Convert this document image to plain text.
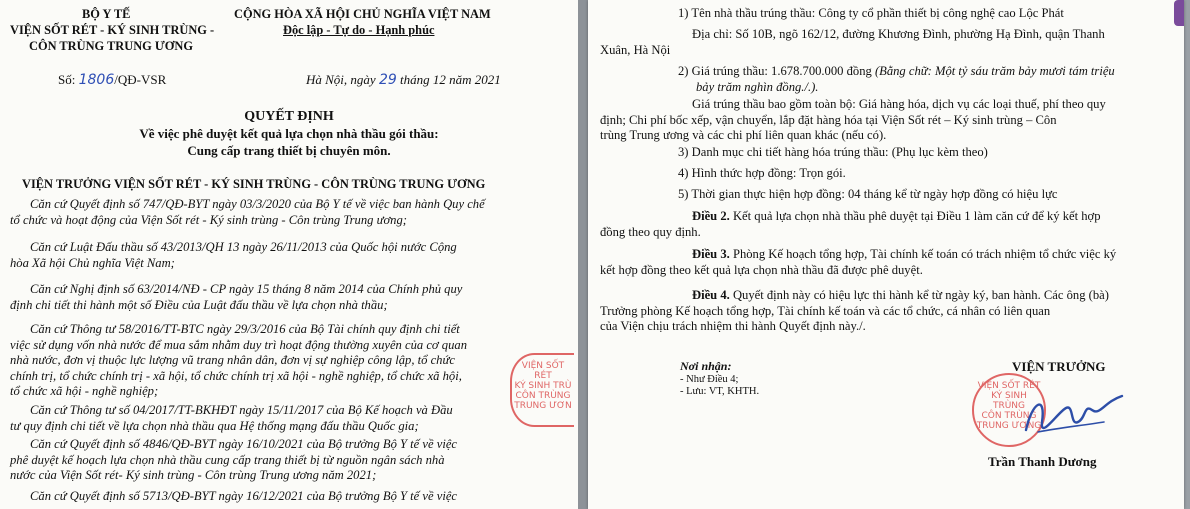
BỘ Y TẾ
VIỆN SỐT RÉT - KÝ SINH TRÙNG -
CÔN TRÙNG TRUNG ƯƠNG
CỘNG HÒA XÃ HỘI CHỦ NGHĨA VIỆT NAM
Độc lập - Tự do - Hạnh phúc
Số: 1806/QĐ-VSR	Hà Nội, ngày 29 tháng 12 năm 2021
QUYẾT ĐỊNH
Về việc phê duyệt kết quả lựa chọn nhà thầu gói thầu:
Cung cấp trang thiết bị chuyên môn.
VIỆN TRƯỞNG VIỆN SỐT RÉT - KÝ SINH TRÙNG - CÔN TRÙNG TRUNG ƯƠNG
Căn cứ Quyết định số 747/QĐ-BYT ngày 03/3/2020 của Bộ Y tế về việc ban hành Quy chế
tổ chức và hoạt động của Viện Sốt rét - Ký sinh trùng - Côn trùng Trung ương;
Căn cứ Luật Đấu thầu số 43/2013/QH 13 ngày 26/11/2013 của Quốc hội nước Cộng
hòa Xã hội Chủ nghĩa Việt Nam;
Căn cứ Nghị định số 63/2014/NĐ - CP ngày 15 tháng 8 năm 2014 của Chính phủ quy
định chi tiết thi hành một số Điều của Luật đấu thầu về lựa chọn nhà thầu;
Căn cứ Thông tư 58/2016/TT-BTC ngày 29/3/2016 của Bộ Tài chính quy định chi tiết
việc sử dụng vốn nhà nước để mua sắm nhằm duy trì hoạt động thường xuyên của cơ quan
nhà nước, đơn vị thuộc lực lượng vũ trang nhân dân, đơn vị sự nghiệp công lập, tổ chức
chính trị, tổ chức chính trị - xã hội, tổ chức chính trị xã hội - nghề nghiệp, tổ chức xã hội,
tổ chức xã hội - nghề nghiệp;
Căn cứ Thông tư số 04/2017/TT-BKHĐT ngày 15/11/2017 của Bộ Kế hoạch và Đầu
tư quy định chi tiết về lựa chọn nhà thầu qua Hệ thống mạng đấu thầu Quốc gia;
Căn cứ Quyết định số 4846/QĐ-BYT ngày 16/10/2021 của Bộ trưởng Bộ Y tế về việc
phê duyệt kế hoạch lựa chọn nhà thầu cung cấp trang thiết bị từ nguồn ngân sách nhà
nước của Viện Sốt rét- Ký sinh trùng - Côn trùng Trung ương năm 2021;
Căn cứ Quyết định số 5713/QĐ-BYT ngày 16/12/2021 của Bộ trưởng Bộ Y tế về việc
VIỆN SỐT RÉT
KÝ SINH TRÙ
CÔN TRÙNG
TRUNG ƯƠN
1) Tên nhà thầu trúng thầu: Công ty cổ phần thiết bị công nghệ cao Lộc Phát
Địa chỉ: Số 10B, ngõ 162/12, đường Khương Đình, phường Hạ Đình, quận Thanh
Xuân, Hà Nội
2) Giá trúng thầu: 1.678.700.000 đồng (Bằng chữ: Một tỷ sáu trăm bảy mươi tám triệu
bảy trăm nghìn đồng./.).
Giá trúng thầu bao gồm toàn bộ: Giá hàng hóa, dịch vụ các loại thuế, phí theo quy
định; Chi phí bốc xếp, vận chuyển, lắp đặt hàng hóa tại Viện Sốt rét – Ký sinh trùng – Côn
trùng Trung ương và các chi phí liên quan khác (nếu có).
3) Danh mục chi tiết hàng hóa trúng thầu: (Phụ lục kèm theo)
4) Hình thức hợp đồng: Trọn gói.
5) Thời gian thực hiện hợp đồng: 04 tháng kể từ ngày hợp đồng có hiệu lực
Điều 2. Kết quả lựa chọn nhà thầu phê duyệt tại Điều 1 làm căn cứ để ký kết hợp
đồng theo quy định.
Điều 3. Phòng Kế hoạch tổng hợp, Tài chính kế toán có trách nhiệm tổ chức việc ký
kết hợp đồng theo kết quả lựa chọn nhà thầu đã được phê duyệt.
Điều 4. Quyết định này có hiệu lực thi hành kể từ ngày ký, ban hành. Các ông (bà)
Trưởng phòng Kế hoạch tổng hợp, Tài chính kế toán và các tổ chức, cá nhân có liên quan
của Viện chịu trách nhiệm thi hành Quyết định này./.
Nơi nhận:
- Như Điều 4;
- Lưu: VT, KHTH.
VIỆN TRƯỞNG
VIỆN SỐT RÉT
KÝ SINH TRÙNG
CÔN TRÙNG
TRUNG ƯƠNG
Trần Thanh Dương
